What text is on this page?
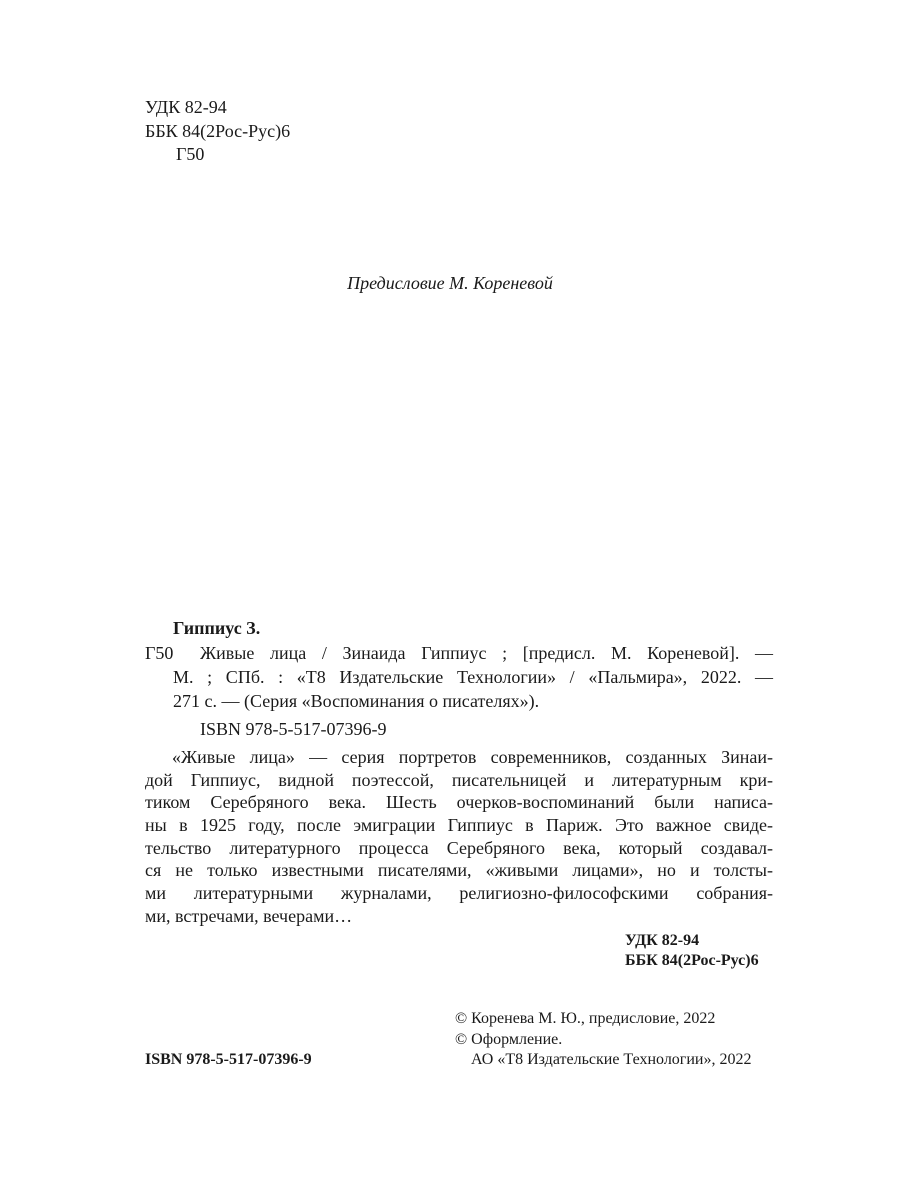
УДК 82-94
ББК 84(2Рос-Рус)6
Г50
Предисловие М. Кореневой
Гиппиус З.
Г50 Живые лица / Зинаида Гиппиус ; [предисл. М. Кореневой]. —
М. ; СПб. : «Т8 Издательские Технологии» / «Пальмира», 2022. —
271 с. — (Серия «Воспоминания о писателях»).
ISBN 978-5-517-07396-9
«Живые лица» — серия портретов современников, созданных Зинаи-
дой Гиппиус, видной поэтессой, писательницей и литературным кри-
тиком Серебряного века. Шесть очерков-воспоминаний были написа-
ны в 1925 году, после эмиграции Гиппиус в Париж. Это важное свиде-
тельство литературного процесса Серебряного века, который создавал-
ся не только известными писателями, «живыми лицами», но и толсты-
ми литературными журналами, религиозно-философскими собрания-
ми, встречами, вечерами…
УДК 82-94
ББК 84(2Рос-Рус)6
© Коренева М. Ю., предисловие, 2022
© Оформление.
ISBN 978-5-517-07396-9	АО «Т8 Издательские Технологии», 2022
